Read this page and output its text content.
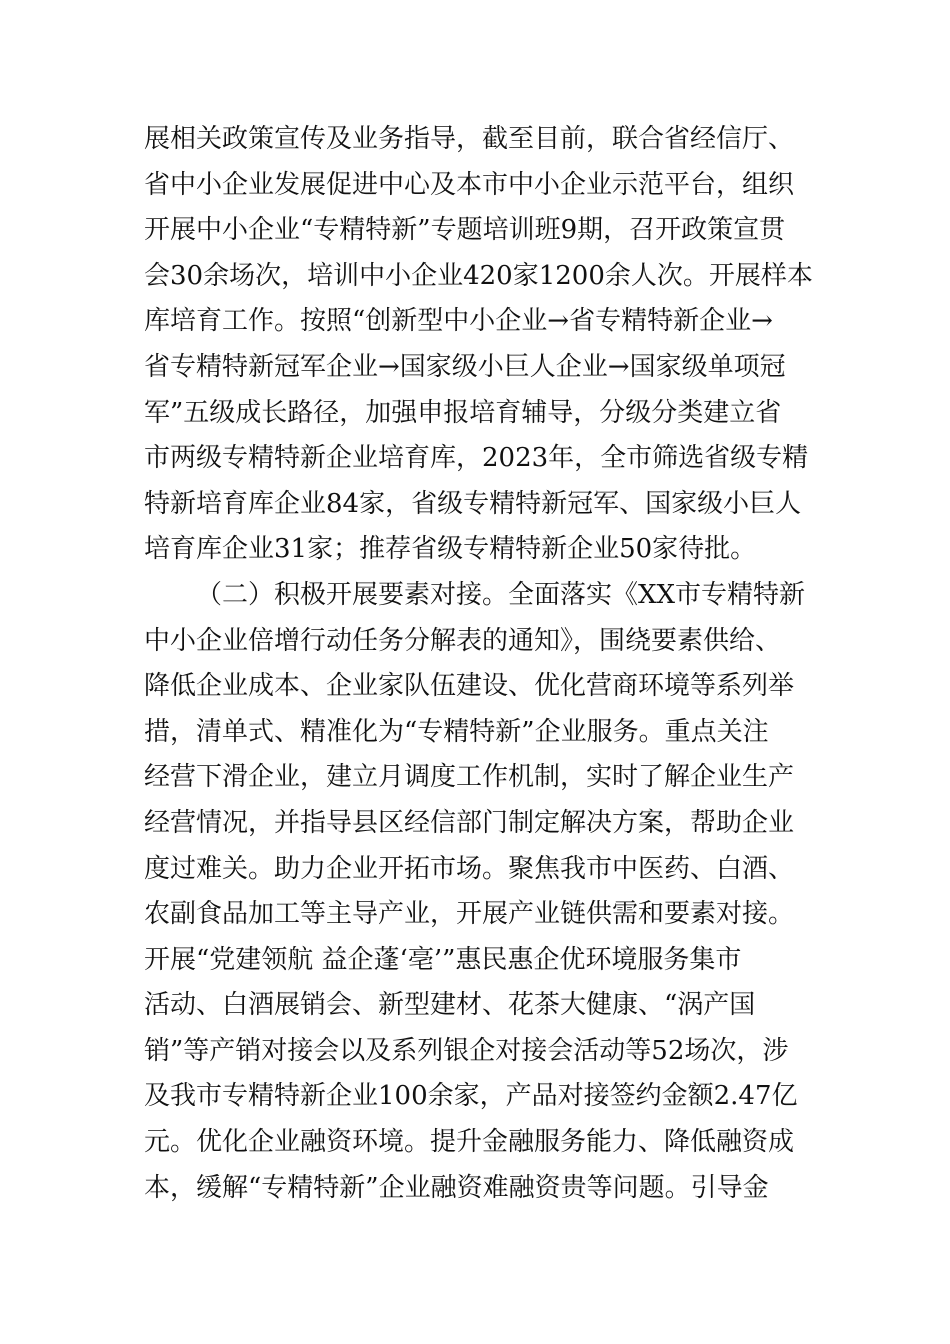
展相关政策宣传及业务指导，截至目前，联合省经信厅、
省中小企业发展促进中心及本市中小企业示范平台，组织
开展中小企业“专精特新”专题培训班9期，召开政策宣贯
会30余场次，培训中小企业420家1200余人次。开展样本
库培育工作。按照“创新型中小企业→省专精特新企业→
省专精特新冠军企业→国家级小巨人企业→国家级单项冠
军”五级成长路径，加强申报培育辅导，分级分类建立省
市两级专精特新企业培育库，2023年，全市筛选省级专精
特新培育库企业84家，省级专精特新冠军、国家级小巨人
培育库企业31家；推荐省级专精特新企业50家待批。
（二）积极开展要素对接。全面落实《XX市专精特新
中小企业倍增行动任务分解表的通知》，围绕要素供给、
降低企业成本、企业家队伍建设、优化营商环境等系列举
措，清单式、精准化为“专精特新”企业服务。重点关注
经营下滑企业，建立月调度工作机制，实时了解企业生产
经营情况，并指导县区经信部门制定解决方案，帮助企业
度过难关。助力企业开拓市场。聚焦我市中医药、白酒、
农副食品加工等主导产业，开展产业链供需和要素对接。
开展“党建领航 益企蓬‘亳’”惠民惠企优环境服务集市
活动、白酒展销会、新型建材、花茶大健康、“涡产国
销”等产销对接会以及系列银企对接会活动等52场次，涉
及我市专精特新企业100余家，产品对接签约金额2.47亿
元。优化企业融资环境。提升金融服务能力、降低融资成
本，缓解“专精特新”企业融资难融资贵等问题。引导金
